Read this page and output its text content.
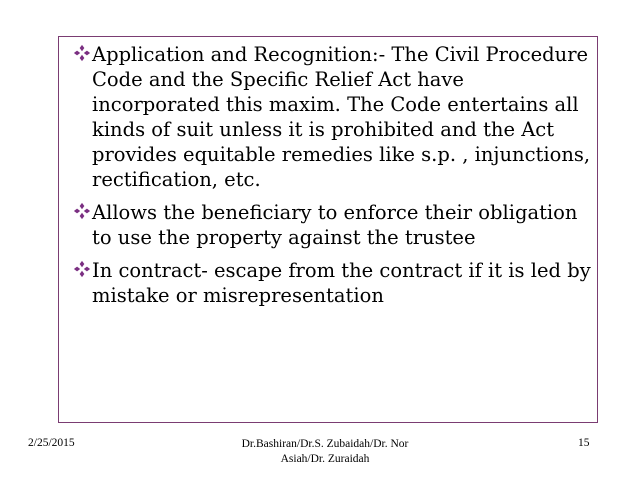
Application and Recognition:- The Civil Procedure Code and the Specific Relief Act have incorporated this maxim. The Code entertains all kinds of suit unless it is prohibited and the Act provides equitable remedies like s.p. , injunctions, rectification, etc.
Allows the beneficiary to enforce their obligation to use the property against the trustee
In contract- escape from the contract if it is led by mistake or misrepresentation
2/25/2015	Dr.Bashiran/Dr.S. Zubaidah/Dr. Nor
Asiah/Dr. Zuraidah
15
